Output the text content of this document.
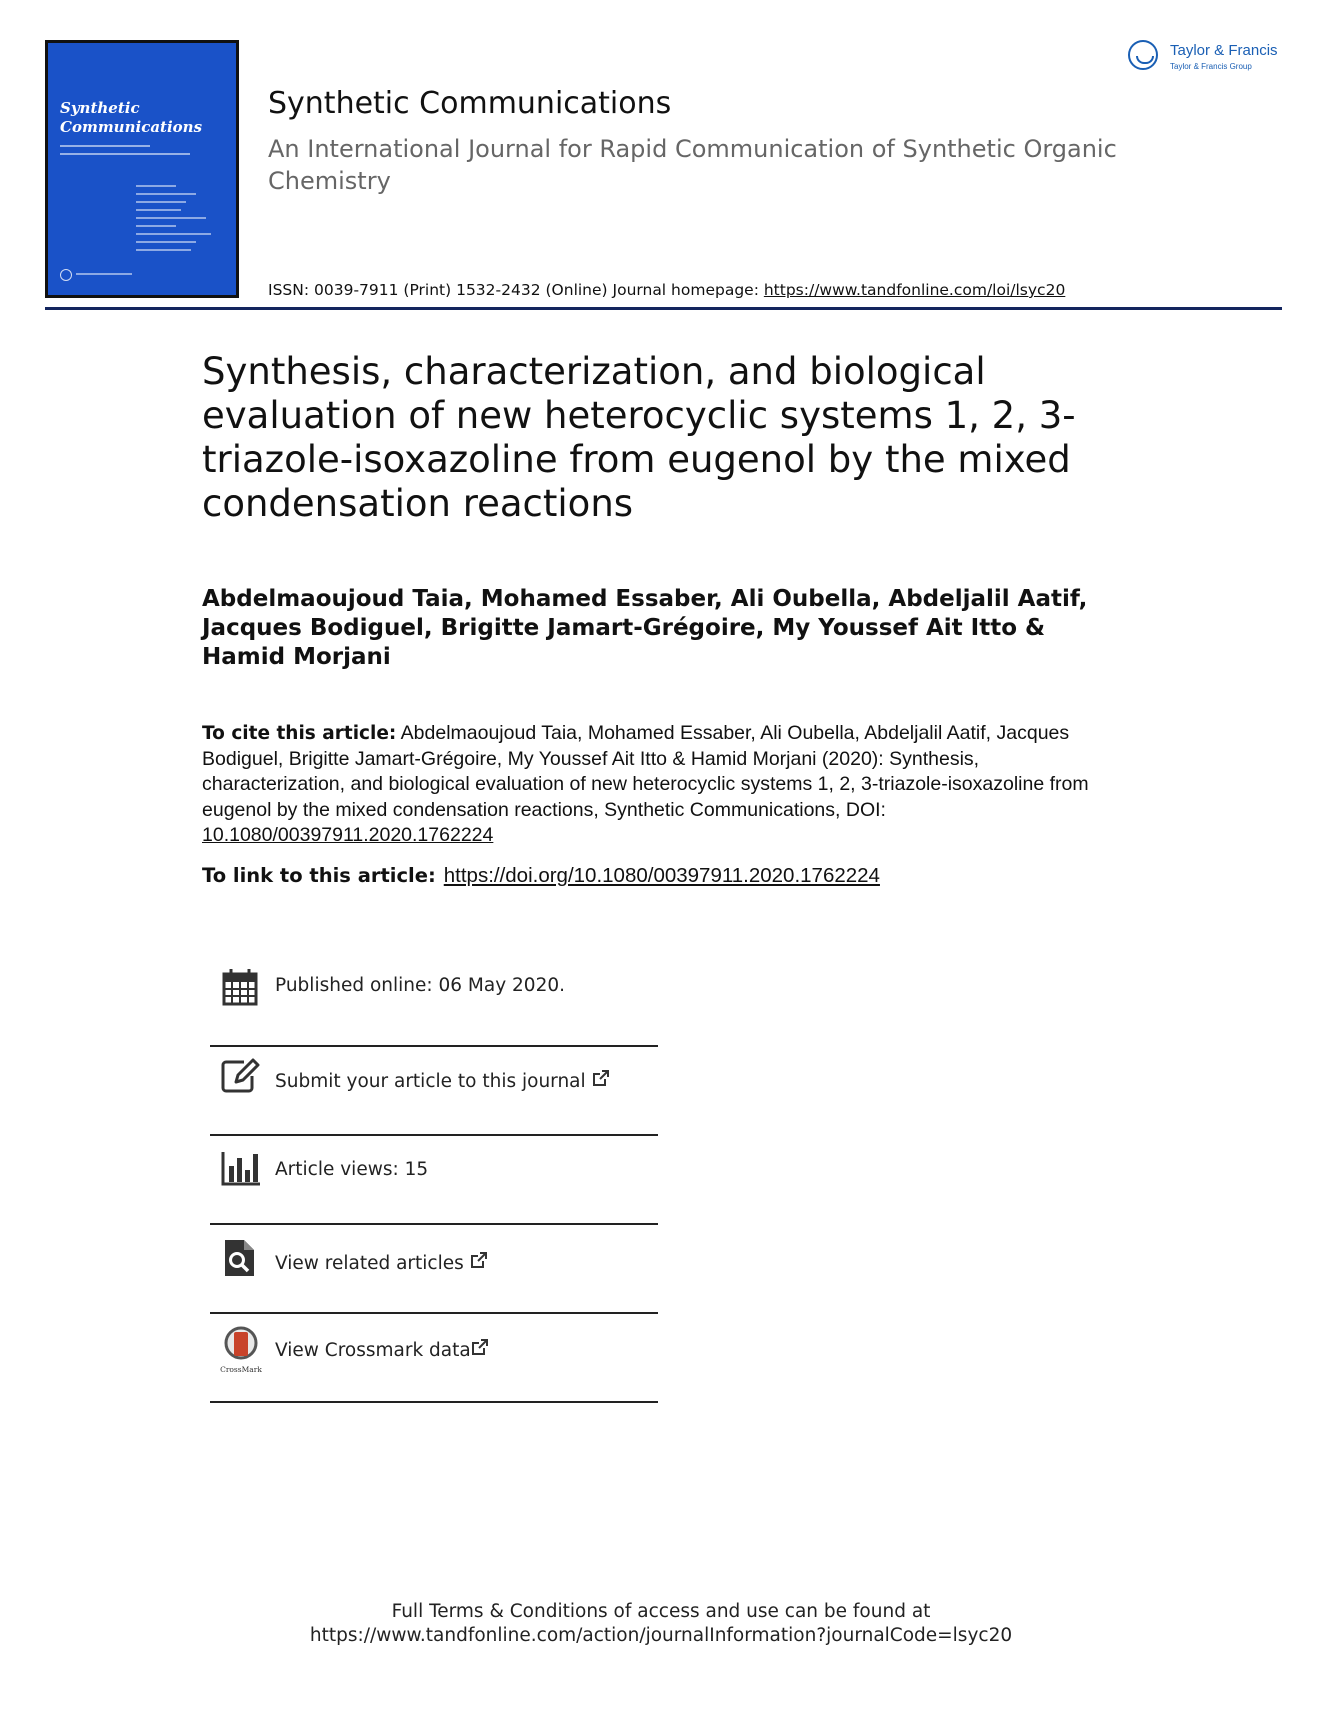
Synthetic
Communications
Taylor & Francis
Taylor & Francis Group
Synthetic Communications
An International Journal for Rapid Communication of Synthetic Organic Chemistry
ISSN: 0039-7911 (Print) 1532-2432 (Online) Journal homepage: https://www.tandfonline.com/loi/lsyc20
Synthesis, characterization, and biological evaluation of new heterocyclic systems 1, 2, 3-triazole-isoxazoline from eugenol by the mixed condensation reactions
Abdelmaoujoud Taia, Mohamed Essaber, Ali Oubella, Abdeljalil Aatif, Jacques Bodiguel, Brigitte Jamart-Grégoire, My Youssef Ait Itto & Hamid Morjani
To cite this article: Abdelmaoujoud Taia, Mohamed Essaber, Ali Oubella, Abdeljalil Aatif, Jacques Bodiguel, Brigitte Jamart-Grégoire, My Youssef Ait Itto & Hamid Morjani (2020): Synthesis, characterization, and biological evaluation of new heterocyclic systems 1, 2, 3-triazole-isoxazoline from eugenol by the mixed condensation reactions, Synthetic Communications, DOI: 10.1080/00397911.2020.1762224
To link to this article: https://doi.org/10.1080/00397911.2020.1762224
Published online: 06 May 2020.
Submit your article to this journal
Article views: 15
View related articles
CrossMark
View Crossmark data
Full Terms & Conditions of access and use can be found at
https://www.tandfonline.com/action/journalInformation?journalCode=lsyc20
